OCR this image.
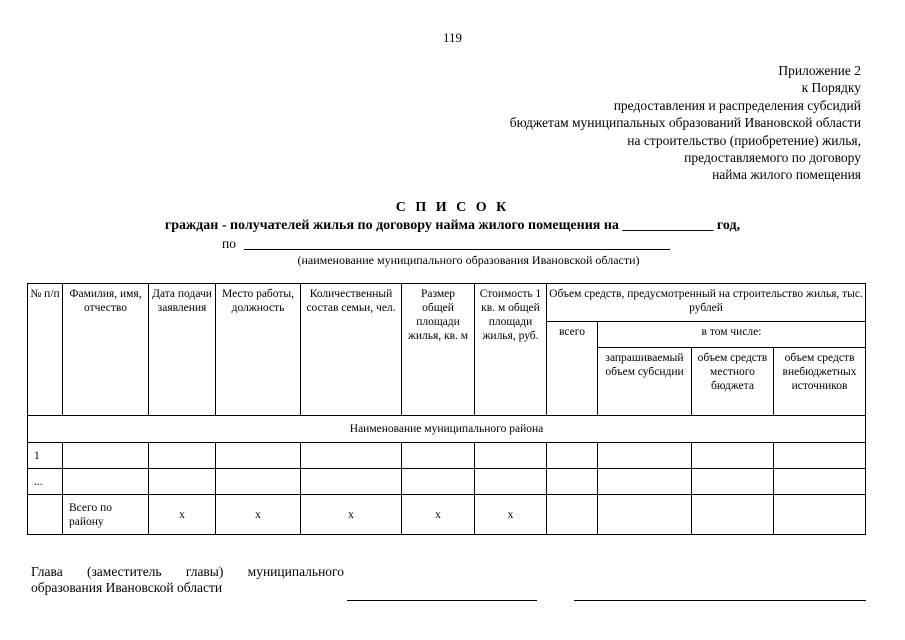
119
Приложение 2
к Порядку
предоставления и распределения субсидий
бюджетам муниципальных образований Ивановской области
на строительство (приобретение) жилья,
предоставляемого по договору
найма жилого помещения
С П И С О К
граждан - получателей жилья по договору найма жилого помещения на _____________ год,
по
(наименование муниципального образования Ивановской области)
№ п/п	Фамилия, имя, отчество	Дата подачи заявления	Место работы, должность	Количественный состав семьи, чел.	Размер общей площади жилья, кв. м	Стоимость 1 кв. м общей площади жилья, руб.	Объем средств, предусмотренный на строительство жилья, тыс. рублей			
							всего	в том числе:		
								запрашиваемый объем субсидии	объем средств местного бюджета	объем средств внебюджетных источников
Наименование муниципального района										
1										
...										
	Всего по району	х	х	х	х	х				
Глава (заместитель главы) муниципального
образования Ивановской области
